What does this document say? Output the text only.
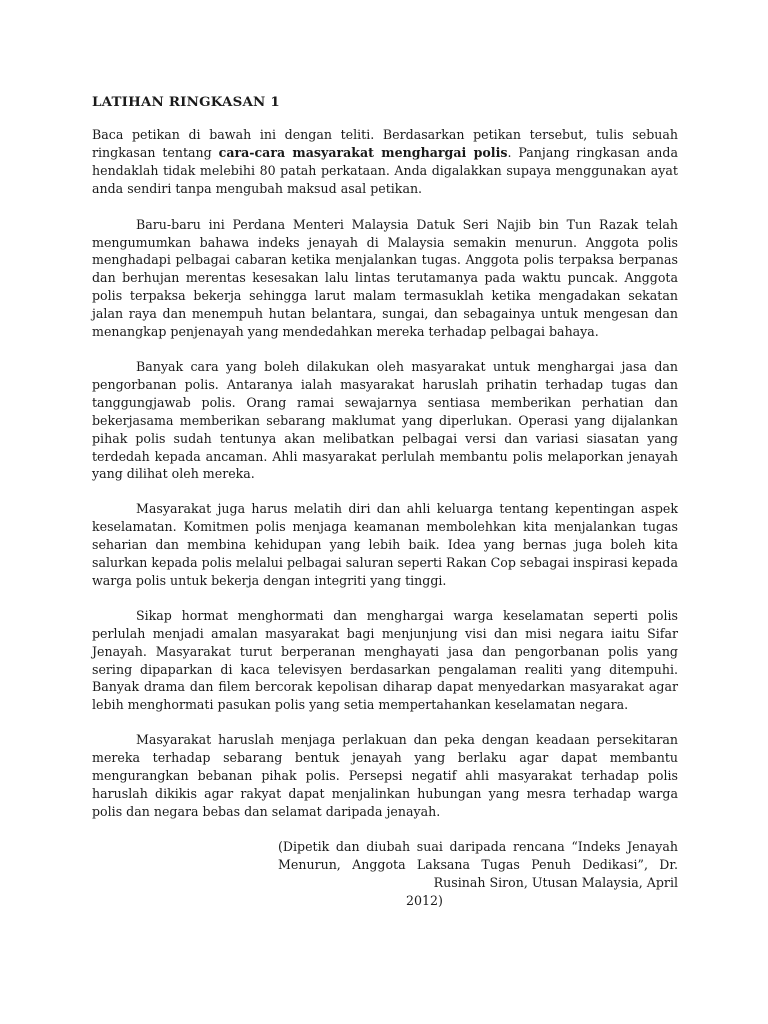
LATIHAN RINGKASAN 1

Baca petikan di bawah ini dengan teliti. Berdasarkan petikan tersebut, tulis sebuah ringkasan tentang cara-cara masyarakat menghargai polis. Panjang ringkasan anda hendaklah tidak melebihi 80 patah perkataan. Anda digalakkan supaya menggunakan ayat anda sendiri tanpa mengubah maksud asal petikan.

Baru-baru ini Perdana Menteri Malaysia Datuk Seri Najib bin Tun Razak telah mengumumkan bahawa indeks jenayah di Malaysia semakin menurun. Anggota polis menghadapi pelbagai cabaran ketika menjalankan tugas. Anggota polis terpaksa berpanas dan berhujan merentas kesesakan lalu lintas terutamanya pada waktu puncak. Anggota polis terpaksa bekerja sehingga larut malam termasuklah ketika mengadakan sekatan jalan raya dan menempuh hutan belantara, sungai, dan sebagainya untuk mengesan dan menangkap penjenayah yang mendedahkan mereka terhadap pelbagai bahaya.

Banyak cara yang boleh dilakukan oleh masyarakat untuk menghargai jasa dan pengorbanan polis. Antaranya ialah masyarakat haruslah prihatin terhadap tugas dan tanggungjawab polis. Orang ramai sewajarnya sentiasa memberikan perhatian dan bekerjasama memberikan sebarang maklumat yang diperlukan. Operasi yang dijalankan pihak polis sudah tentunya akan melibatkan pelbagai versi dan variasi siasatan yang terdedah kepada ancaman. Ahli masyarakat perlulah membantu polis melaporkan jenayah yang dilihat oleh mereka.

Masyarakat juga harus melatih diri dan ahli keluarga tentang kepentingan aspek keselamatan. Komitmen polis menjaga keamanan membolehkan kita menjalankan tugas seharian dan membina kehidupan yang lebih baik. Idea yang bernas juga boleh kita salurkan kepada polis melalui pelbagai saluran seperti Rakan Cop sebagai inspirasi kepada warga polis untuk bekerja dengan integriti yang tinggi.

Sikap hormat menghormati dan menghargai warga keselamatan seperti polis perlulah menjadi amalan masyarakat bagi menjunjung visi dan misi negara iaitu Sifar Jenayah. Masyarakat turut berperanan menghayati jasa dan pengorbanan polis yang sering dipaparkan di kaca televisyen berdasarkan pengalaman realiti yang ditempuhi. Banyak drama dan filem bercorak kepolisan diharap dapat menyedarkan masyarakat agar lebih menghormati pasukan polis yang setia mempertahankan keselamatan negara.

Masyarakat haruslah menjaga perlakuan dan peka dengan keadaan persekitaran mereka terhadap sebarang bentuk jenayah yang berlaku agar dapat membantu mengurangkan bebanan pihak polis. Persepsi negatif ahli masyarakat terhadap polis haruslah dikikis agar rakyat dapat menjalinkan hubungan yang mesra terhadap warga polis dan negara bebas dan selamat daripada jenayah.

(Dipetik dan diubah suai daripada rencana “Indeks Jenayah Menurun, Anggota Laksana Tugas Penuh Dedikasi”, Dr. Rusinah Siron, Utusan Malaysia, April
2012)
